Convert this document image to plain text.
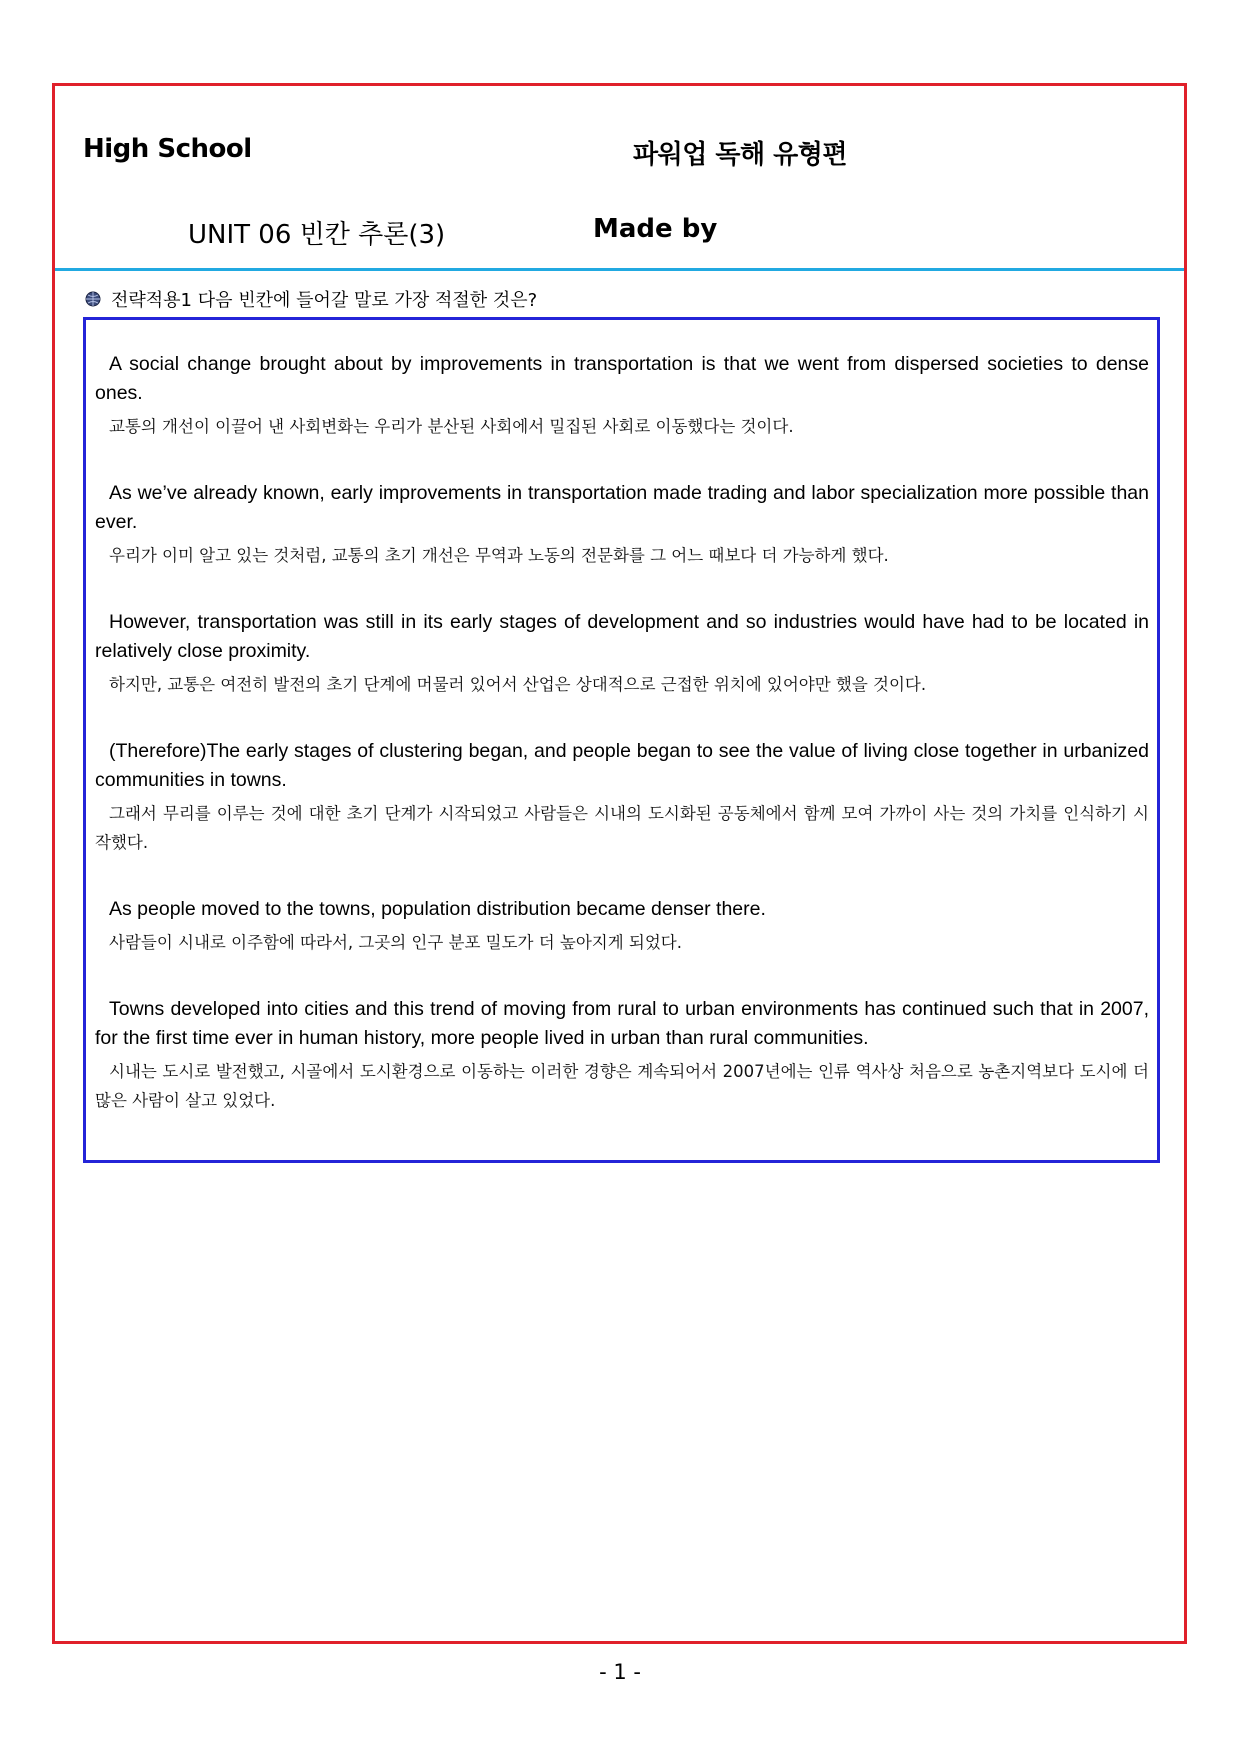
High School	파워업 독해 유형편
UNIT 06 빈칸 추론(3)	Made by
전략적용1 다음 빈칸에 들어갈 말로 가장 적절한 것은?

A social change brought about by improvements in transportation is that we went from dispersed societies to dense ones.

교통의 개선이 이끌어 낸 사회변화는 우리가 분산된 사회에서 밀집된 사회로 이동했다는 것이다.

As we’ve already known, early improvements in transportation made trading and labor specialization more possible than ever.

우리가 이미 알고 있는 것처럼, 교통의 초기 개선은 무역과 노동의 전문화를 그 어느 때보다 더 가능하게 했다.

However, transportation was still in its early stages of development and so industries would have had to be located in relatively close proximity.

하지만, 교통은 여전히 발전의 초기 단계에 머물러 있어서 산업은 상대적으로 근접한 위치에 있어야만 했을 것이다.

(Therefore)The early stages of clustering began, and people began to see the value of living close together in urbanized communities in towns.

그래서 무리를 이루는 것에 대한 초기 단계가 시작되었고 사람들은 시내의 도시화된 공동체에서 함께 모여 가까이 사는 것의 가치를 인식하기 시작했다.

As people moved to the towns, population distribution became denser there.

사람들이 시내로 이주함에 따라서, 그곳의 인구 분포 밀도가 더 높아지게 되었다.

Towns developed into cities and this trend of moving from rural to urban environments has continued such that in 2007, for the first time ever in human history, more people lived in urban than rural communities.

시내는 도시로 발전했고, 시골에서 도시환경으로 이동하는 이러한 경향은 계속되어서 2007년에는 인류 역사상 처음으로 농촌지역보다 도시에 더 많은 사람이 살고 있었다.

- 1 -
